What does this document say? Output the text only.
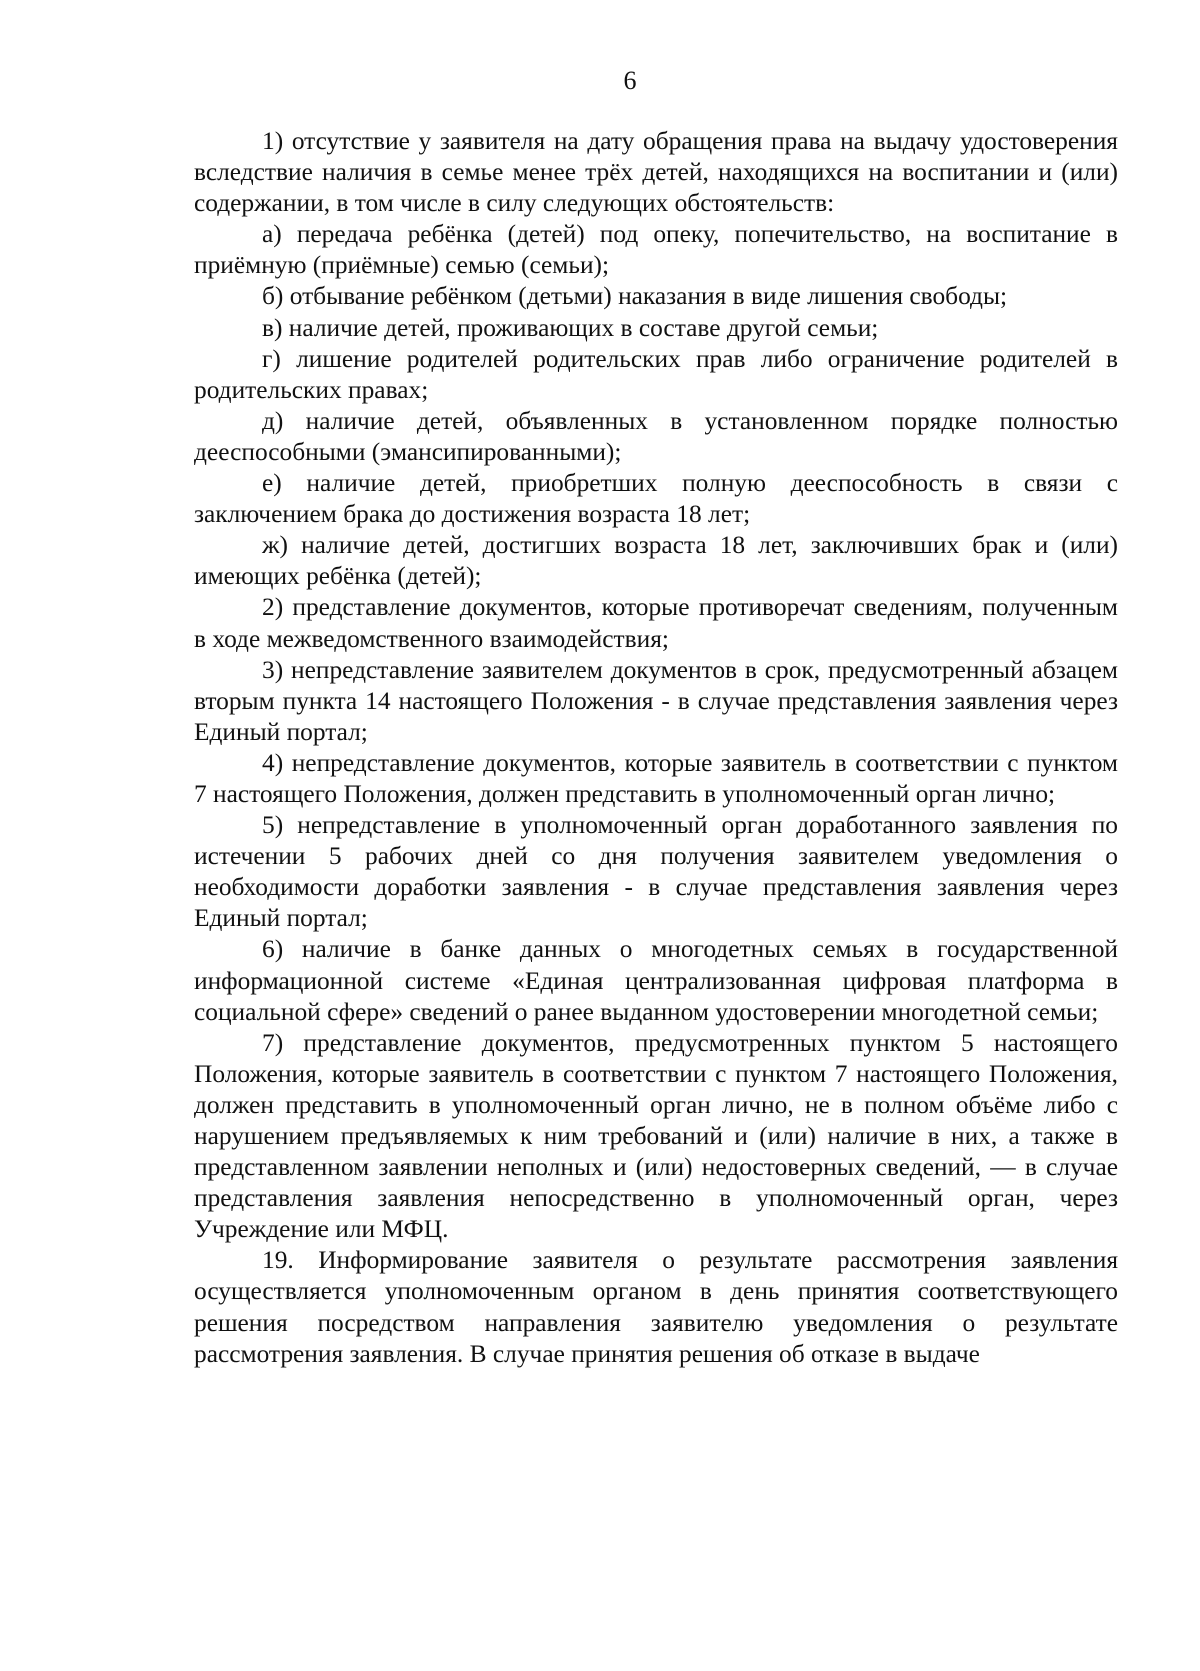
6

1) отсутствие у заявителя на дату обращения права на выдачу удостоверения вследствие наличия в семье менее трёх детей, находящихся на воспитании и (или) содержании, в том числе в силу следующих обстоятельств:

а) передача ребёнка (детей) под опеку, попечительство, на воспитание в приёмную (приёмные) семью (семьи);

б) отбывание ребёнком (детьми) наказания в виде лишения свободы;

в) наличие детей, проживающих в составе другой семьи;

г) лишение родителей родительских прав либо ограничение родителей в родительских правах;

д) наличие детей, объявленных в установленном порядке полностью дееспособными (эмансипированными);

е) наличие детей, приобретших полную дееспособность в связи с заключением брака до достижения возраста 18 лет;

ж) наличие детей, достигших возраста 18 лет, заключивших брак и (или) имеющих ребёнка (детей);

2) представление документов, которые противоречат сведениям, полученным в ходе межведомственного взаимодействия;

3) непредставление заявителем документов в срок, предусмотренный абзацем вторым пункта 14 настоящего Положения - в случае представления заявления через Единый портал;

4) непредставление документов, которые заявитель в соответствии с пунктом 7 настоящего Положения, должен представить в уполномоченный орган лично;

5) непредставление в уполномоченный орган доработанного заявления по истечении 5 рабочих дней со дня получения заявителем уведомления о необходимости доработки заявления - в случае представления заявления через Единый портал;

6) наличие в банке данных о многодетных семьях в государственной информационной системе «Единая централизованная цифровая платформа в социальной сфере» сведений о ранее выданном удостоверении многодетной семьи;

7) представление документов, предусмотренных пунктом 5 настоящего Положения, которые заявитель в соответствии с пунктом 7 настоящего Положения, должен представить в уполномоченный орган лично, не в полном объёме либо с нарушением предъявляемых к ним требований и (или) наличие в них, а также в представленном заявлении неполных и (или) недостоверных сведений, — в случае представления заявления непосредственно в уполномоченный орган, через Учреждение или МФЦ.

19. Информирование заявителя о результате рассмотрения заявления осуществляется уполномоченным органом в день принятия соответствующего решения посредством направления заявителю уведомления о результате рассмотрения заявления. В случае принятия решения об отказе в выдаче
